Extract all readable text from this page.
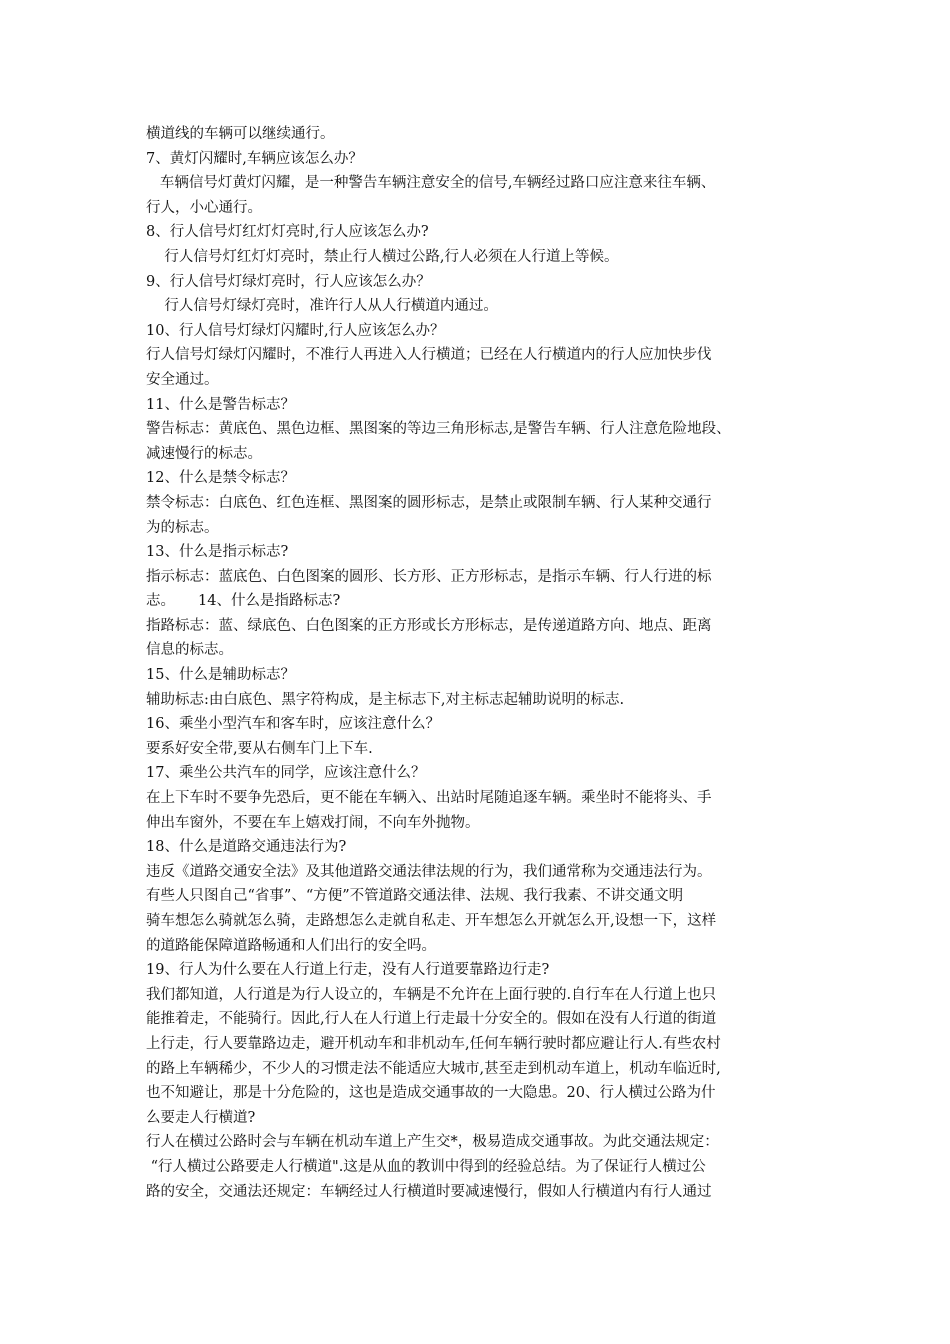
横道线的车辆可以继续通行。
7、黄灯闪耀时,车辆应该怎么办？
车辆信号灯黄灯闪耀，是一种警告车辆注意安全的信号,车辆经过路口应注意来往车辆、
行人，小心通行。
8、行人信号灯红灯灯亮时,行人应该怎么办?
行人信号灯红灯灯亮时，禁止行人横过公路,行人必须在人行道上等候。
9、行人信号灯绿灯亮时，行人应该怎么办？
行人信号灯绿灯亮时，准许行人从人行横道内通过。
10、行人信号灯绿灯闪耀时,行人应该怎么办？
行人信号灯绿灯闪耀时，不准行人再进入人行横道；已经在人行横道内的行人应加快步伐
安全通过。
11、什么是警告标志？
警告标志：黄底色、黑色边框、黑图案的等边三角形标志,是警告车辆、行人注意危险地段、
减速慢行的标志。
12、什么是禁令标志？
禁令标志：白底色、红色连框、黑图案的圆形标志，是禁止或限制车辆、行人某种交通行
为的标志。
13、什么是指示标志?
指示标志：蓝底色、白色图案的圆形、长方形、正方形标志，是指示车辆、行人行进的标
志。     14、什么是指路标志?
指路标志：蓝、绿底色、白色图案的正方形或长方形标志，是传递道路方向、地点、距离
信息的标志。
15、什么是辅助标志？
辅助标志:由白底色、黑字符构成，是主标志下,对主标志起辅助说明的标志.
16、乘坐小型汽车和客车时，应该注意什么？
要系好安全带,要从右侧车门上下车.
17、乘坐公共汽车的同学，应该注意什么？
在上下车时不要争先恐后，更不能在车辆入、出站时尾随追逐车辆。乘坐时不能将头、手
伸出车窗外，不要在车上嬉戏打闹，不向车外抛物。
18、什么是道路交通违法行为?
违反《道路交通安全法》及其他道路交通法律法规的行为，我们通常称为交通违法行为。
有些人只图自己“省事”、“方便”不管道路交通法律、法规、我行我素、不讲交通文明
骑车想怎么骑就怎么骑，走路想怎么走就自私走、开车想怎么开就怎么开,设想一下，这样
的道路能保障道路畅通和人们出行的安全吗。
19、行人为什么要在人行道上行走，没有人行道要靠路边行走?
我们都知道，人行道是为行人设立的，车辆是不允许在上面行驶的.自行车在人行道上也只
能推着走，不能骑行。因此,行人在人行道上行走最十分安全的。假如在没有人行道的街道
上行走，行人要靠路边走，避开机动车和非机动车,任何车辆行驶时都应避让行人.有些农村
的路上车辆稀少，不少人的习惯走法不能适应大城市,甚至走到机动车道上，机动车临近时,
也不知避让，那是十分危险的，这也是造成交通事故的一大隐患。20、行人横过公路为什
么要走人行横道?
行人在横过公路时会与车辆在机动车道上产生交*，极易造成交通事故。为此交通法规定：
“行人横过公路要走人行横道".这是从血的教训中得到的经验总结。为了保证行人横过公
路的安全，交通法还规定：车辆经过人行横道时要减速慢行，假如人行横道内有行人通过
